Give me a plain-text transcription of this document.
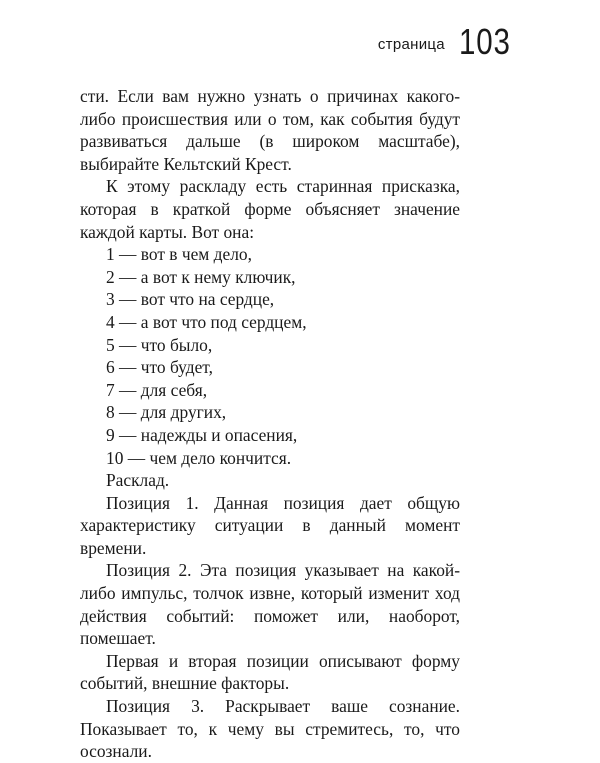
страница 103

сти. Если вам нужно узнать о причинах какого-либо происшествия или о том, как события будут развиваться дальше (в широком масштабе), выбирайте Кельтский Крест.

К этому раскладу есть старинная присказка, которая в краткой форме объясняет значение каждой карты. Вот она:

1 — вот в чем дело,

2 — а вот к нему ключик,

3 — вот что на сердце,

4 — а вот что под сердцем,

5 — что было,

6 — что будет,

7 — для себя,

8 — для других,

9 — надежды и опасения,

10 — чем дело кончится.

Расклад.

Позиция 1. Данная позиция дает общую характеристику ситуации в данный момент времени.

Позиция 2. Эта позиция указывает на какой-либо импульс, толчок извне, который изменит ход действия событий: поможет или, наоборот, помешает.

Первая и вторая позиции описывают форму событий, внешние факторы.

Позиция 3. Раскрывает ваше сознание. Показывает то, к чему вы стремитесь, то, что осознали.
